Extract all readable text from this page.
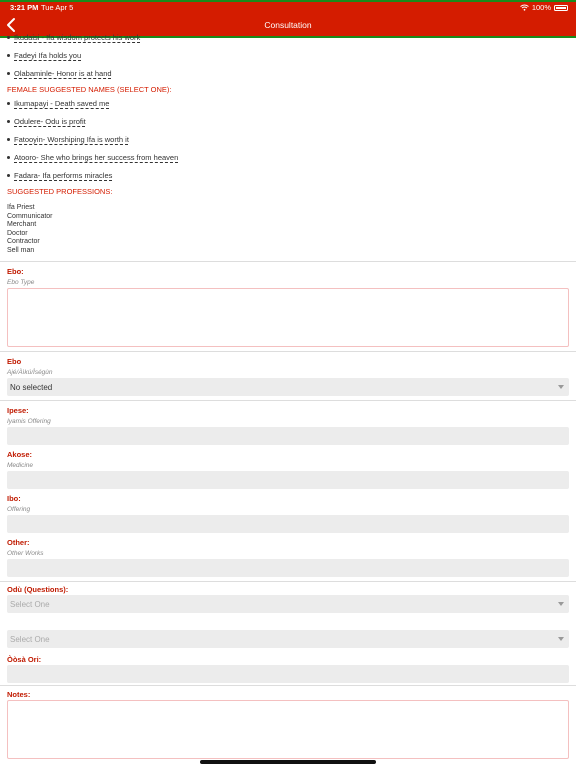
3:21 PM Tue Apr 5	100%
Consultation
Ikudaisi - Ifa wisdom protects his work
Fadeyi Ifa holds you
Olabaminle- Honor is at hand
FEMALE SUGGESTED NAMES (SELECT ONE):
Ikumapayi - Death saved me
Odulere- Odu is profit
Fatooyin- Worshiping Ifa is worth it
Atooro- She who brings her success from heaven
Fadara- Ifa performs miracles
SUGGESTED PROFESSIONS:
Ifa Priest
Communicator
Merchant
Doctor
Contractor
Sell man
Ebo:
Ebo Type
Ebo
Ajé/Àìkú/Ìségùn
No selected
Ipese:
Iyamis Offering
Akose:
Medicine
Ibo:
Offering
Other:
Other Works
Odù (Questions):
Select One
Select One
Òòsà Ori:
Notes:
